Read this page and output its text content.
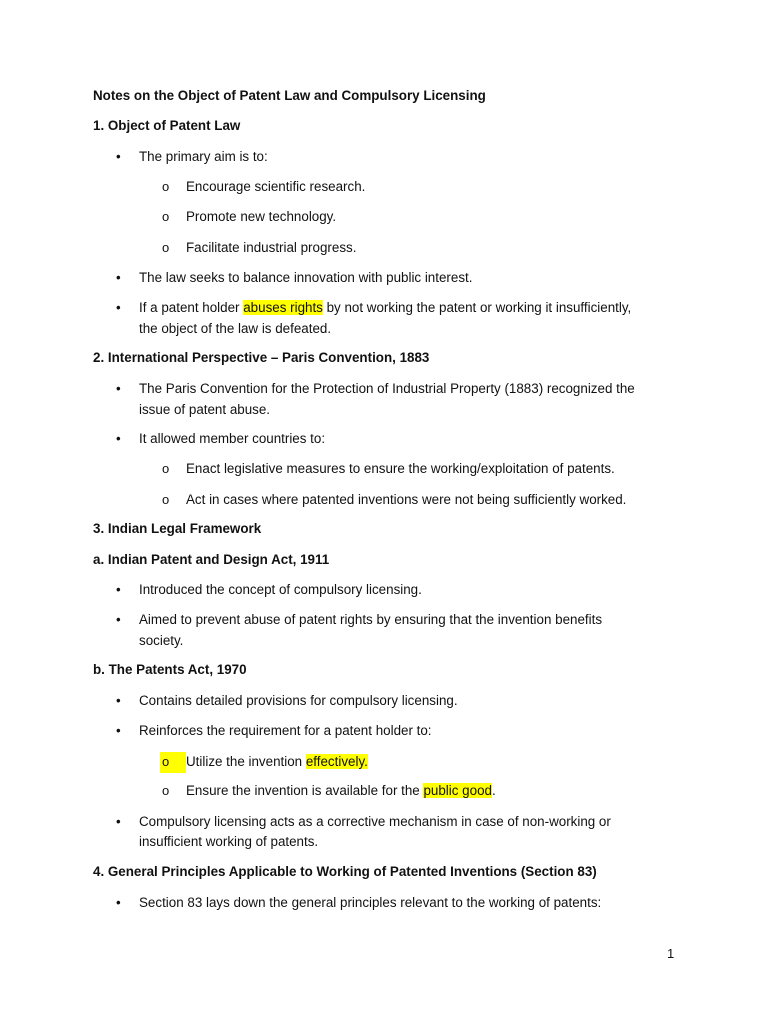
Notes on the Object of Patent Law and Compulsory Licensing
1. Object of Patent Law
• The primary aim is to:
o Encourage scientific research.
o Promote new technology.
o Facilitate industrial progress.
• The law seeks to balance innovation with public interest.
• If a patent holder abuses rights by not working the patent or working it insufficiently,
the object of the law is defeated.
2. International Perspective – Paris Convention, 1883
• The Paris Convention for the Protection of Industrial Property (1883) recognized the
issue of patent abuse.
• It allowed member countries to:
o Enact legislative measures to ensure the working/exploitation of patents.
o Act in cases where patented inventions were not being sufficiently worked.
3. Indian Legal Framework
a. Indian Patent and Design Act, 1911
• Introduced the concept of compulsory licensing.
• Aimed to prevent abuse of patent rights by ensuring that the invention benefits
society.
b. The Patents Act, 1970
• Contains detailed provisions for compulsory licensing.
• Reinforces the requirement for a patent holder to:
o	Utilize the invention effectively.
o Ensure the invention is available for the public good.
• Compulsory licensing acts as a corrective mechanism in case of non-working or
insufficient working of patents.
4. General Principles Applicable to Working of Patented Inventions (Section 83)
• Section 83 lays down the general principles relevant to the working of patents:
1
